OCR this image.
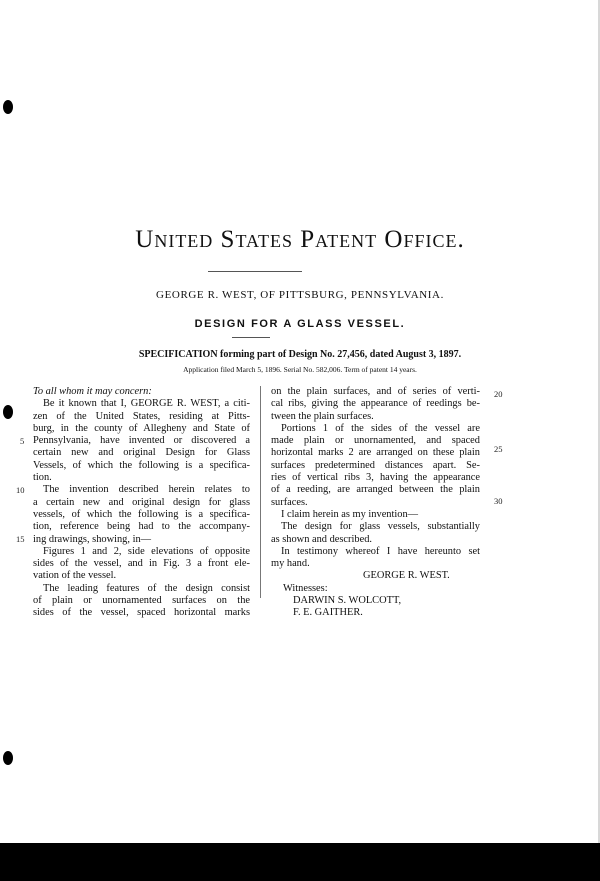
United States Patent Office.
GEORGE R. WEST, OF PITTSBURG, PENNSYLVANIA.
DESIGN FOR A GLASS VESSEL.
SPECIFICATION forming part of Design No. 27,456, dated August 3, 1897.
Application filed March 5, 1896. Serial No. 582,006. Term of patent 14 years.
To all whom it may concern:
Be it known that I, GEORGE R. WEST, a citi-
zen of the United States, residing at Pitts-
burg, in the county of Allegheny and State of
Pennsylvania, have invented or discovered a
certain new and original Design for Glass
Vessels, of which the following is a specifica-
tion.
The invention described herein relates to
a certain new and original design for glass
vessels, of which the following is a specifica-
tion, reference being had to the accompany-
ing drawings, showing, in—
Figures 1 and 2, side elevations of opposite
sides of the vessel, and in Fig. 3 a front ele-
vation of the vessel.
The leading features of the design consist
of plain or unornamented surfaces on the
sides of the vessel, spaced horizontal marks
on the plain surfaces, and of series of verti-
cal ribs, giving the appearance of reedings be-
tween the plain surfaces.
Portions 1 of the sides of the vessel are
made plain or unornamented, and spaced
horizontal marks 2 are arranged on these plain
surfaces predetermined distances apart. Se-
ries of vertical ribs 3, having the appearance
of a reeding, are arranged between the plain
surfaces.
I claim herein as my invention—
The design for glass vessels, substantially
as shown and described.
In testimony whereof I have hereunto set
my hand.
GEORGE R. WEST.
Witnesses:
DARWIN S. WOLCOTT,
F. E. GAITHER.
5
10
15
20
25
30
